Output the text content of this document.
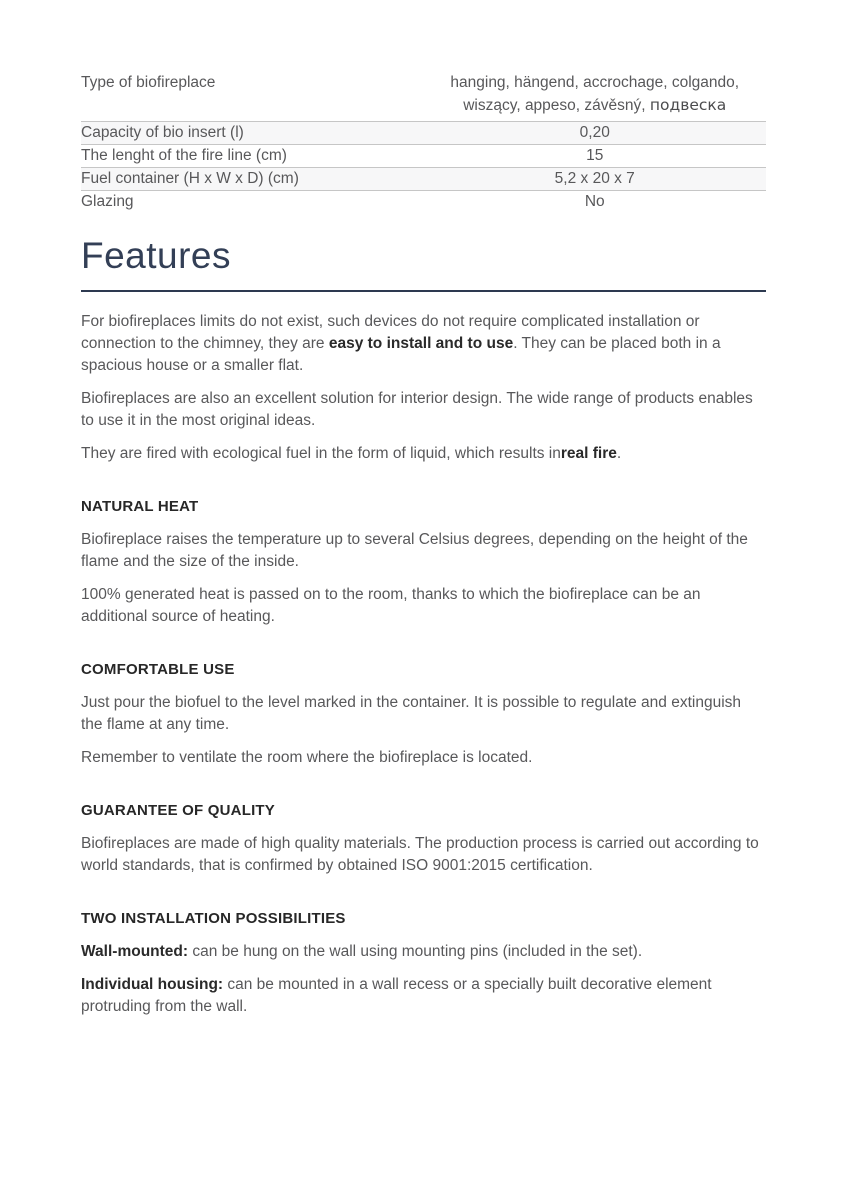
Type of biofireplace	hanging, hängend, accrochage, colgando, wiszący, appeso, závěsný, подвеска
Capacity of bio insert (l)	0,20
The lenght of the fire line (cm)	15
Fuel container (H x W x D) (cm)	5,2 x 20 x 7
Glazing	No
Features

For biofireplaces limits do not exist, such devices do not require complicated installation or connection to the chimney, they are easy to install and to use. They can be placed both in a spacious house or a smaller flat.

Biofireplaces are also an excellent solution for interior design. The wide range of products enables to use it in the most original ideas.

They are fired with ecological fuel in the form of liquid, which results inreal fire.

NATURAL HEAT

Biofireplace raises the temperature up to several Celsius degrees, depending on the height of the flame and the size of the inside.

100% generated heat is passed on to the room, thanks to which the biofireplace can be an additional source of heating.

COMFORTABLE USE

Just pour the biofuel to the level marked in the container. It is possible to regulate and extinguish the flame at any time.

Remember to ventilate the room where the biofireplace is located.

GUARANTEE OF QUALITY

Biofireplaces are made of high quality materials. The production process is carried out according to world standards, that is confirmed by obtained ISO 9001:2015 certification.

TWO INSTALLATION POSSIBILITIES

Wall-mounted: can be hung on the wall using mounting pins (included in the set).

Individual housing: can be mounted in a wall recess or a specially built decorative element protruding from the wall.
